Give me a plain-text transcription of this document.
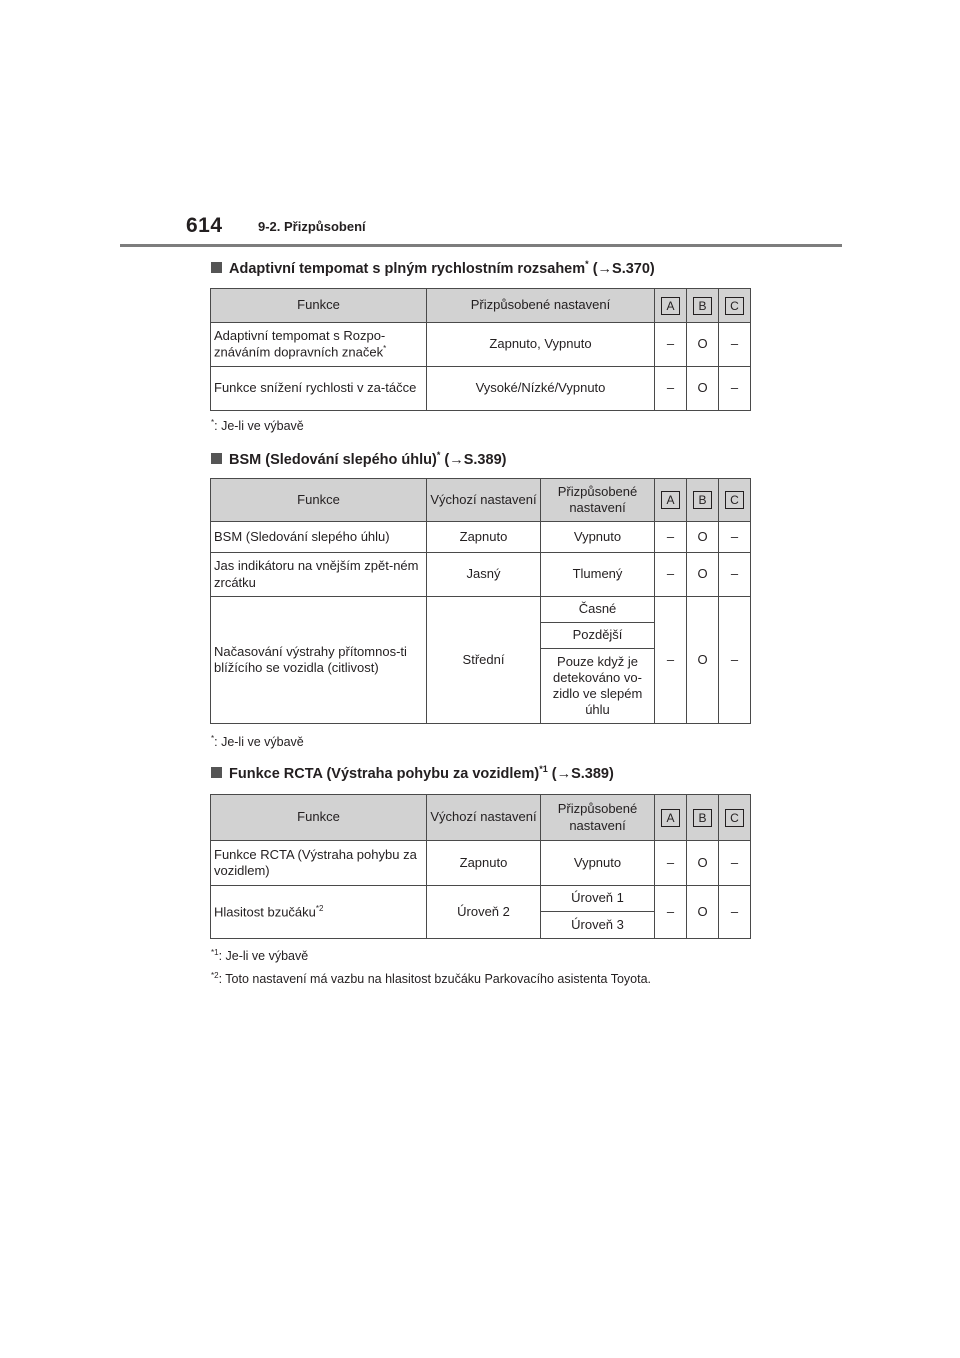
614	9-2. Přizpůsobení
Adaptivní tempomat s plným rychlostním rozsahem* (→S.370)
Funkce	Přizpůsobené nastavení	A	B	C
Adaptivní tempomat s Rozpo-znáváním dopravních značek*	Zapnuto, Vypnuto	–	O	–
Funkce snížení rychlosti v za-táčce	Vysoké/Nízké/Vypnuto	–	O	–
*: Je-li ve výbavě
BSM (Sledování slepého úhlu)* (→S.389)
Funkce	Výchozí nastavení	Přizpůsobené nastavení	A	B	C
BSM (Sledování slepého úhlu)	Zapnuto	Vypnuto	–	O	–
Jas indikátoru na vnějším zpět-ném zrcátku	Jasný	Tlumený	–	O	–
Načasování výstrahy přítomnos-ti blížícího se vozidla (citlivost)	Střední	Časné	–	O	–
		Pozdější			
		Pouze když je detekováno vo-zidlo ve slepém úhlu			
*: Je-li ve výbavě
Funkce RCTA (Výstraha pohybu za vozidlem)$^{*1}$ (→S.389)
Funkce	Výchozí nastavení	Přizpůsobené nastavení	A	B	C
Funkce RCTA (Výstraha pohybu za vozidlem)	Zapnuto	Vypnuto	–	O	–
Hlasitost bzučáku$^{*2}$	Úroveň 2	Úroveň 1	–	O	–
		Úroveň 3			
$^{*1}$: Je-li ve výbavě
$^{*2}$: Toto nastavení má vazbu na hlasitost bzučáku Parkovacího asistenta Toyota.
